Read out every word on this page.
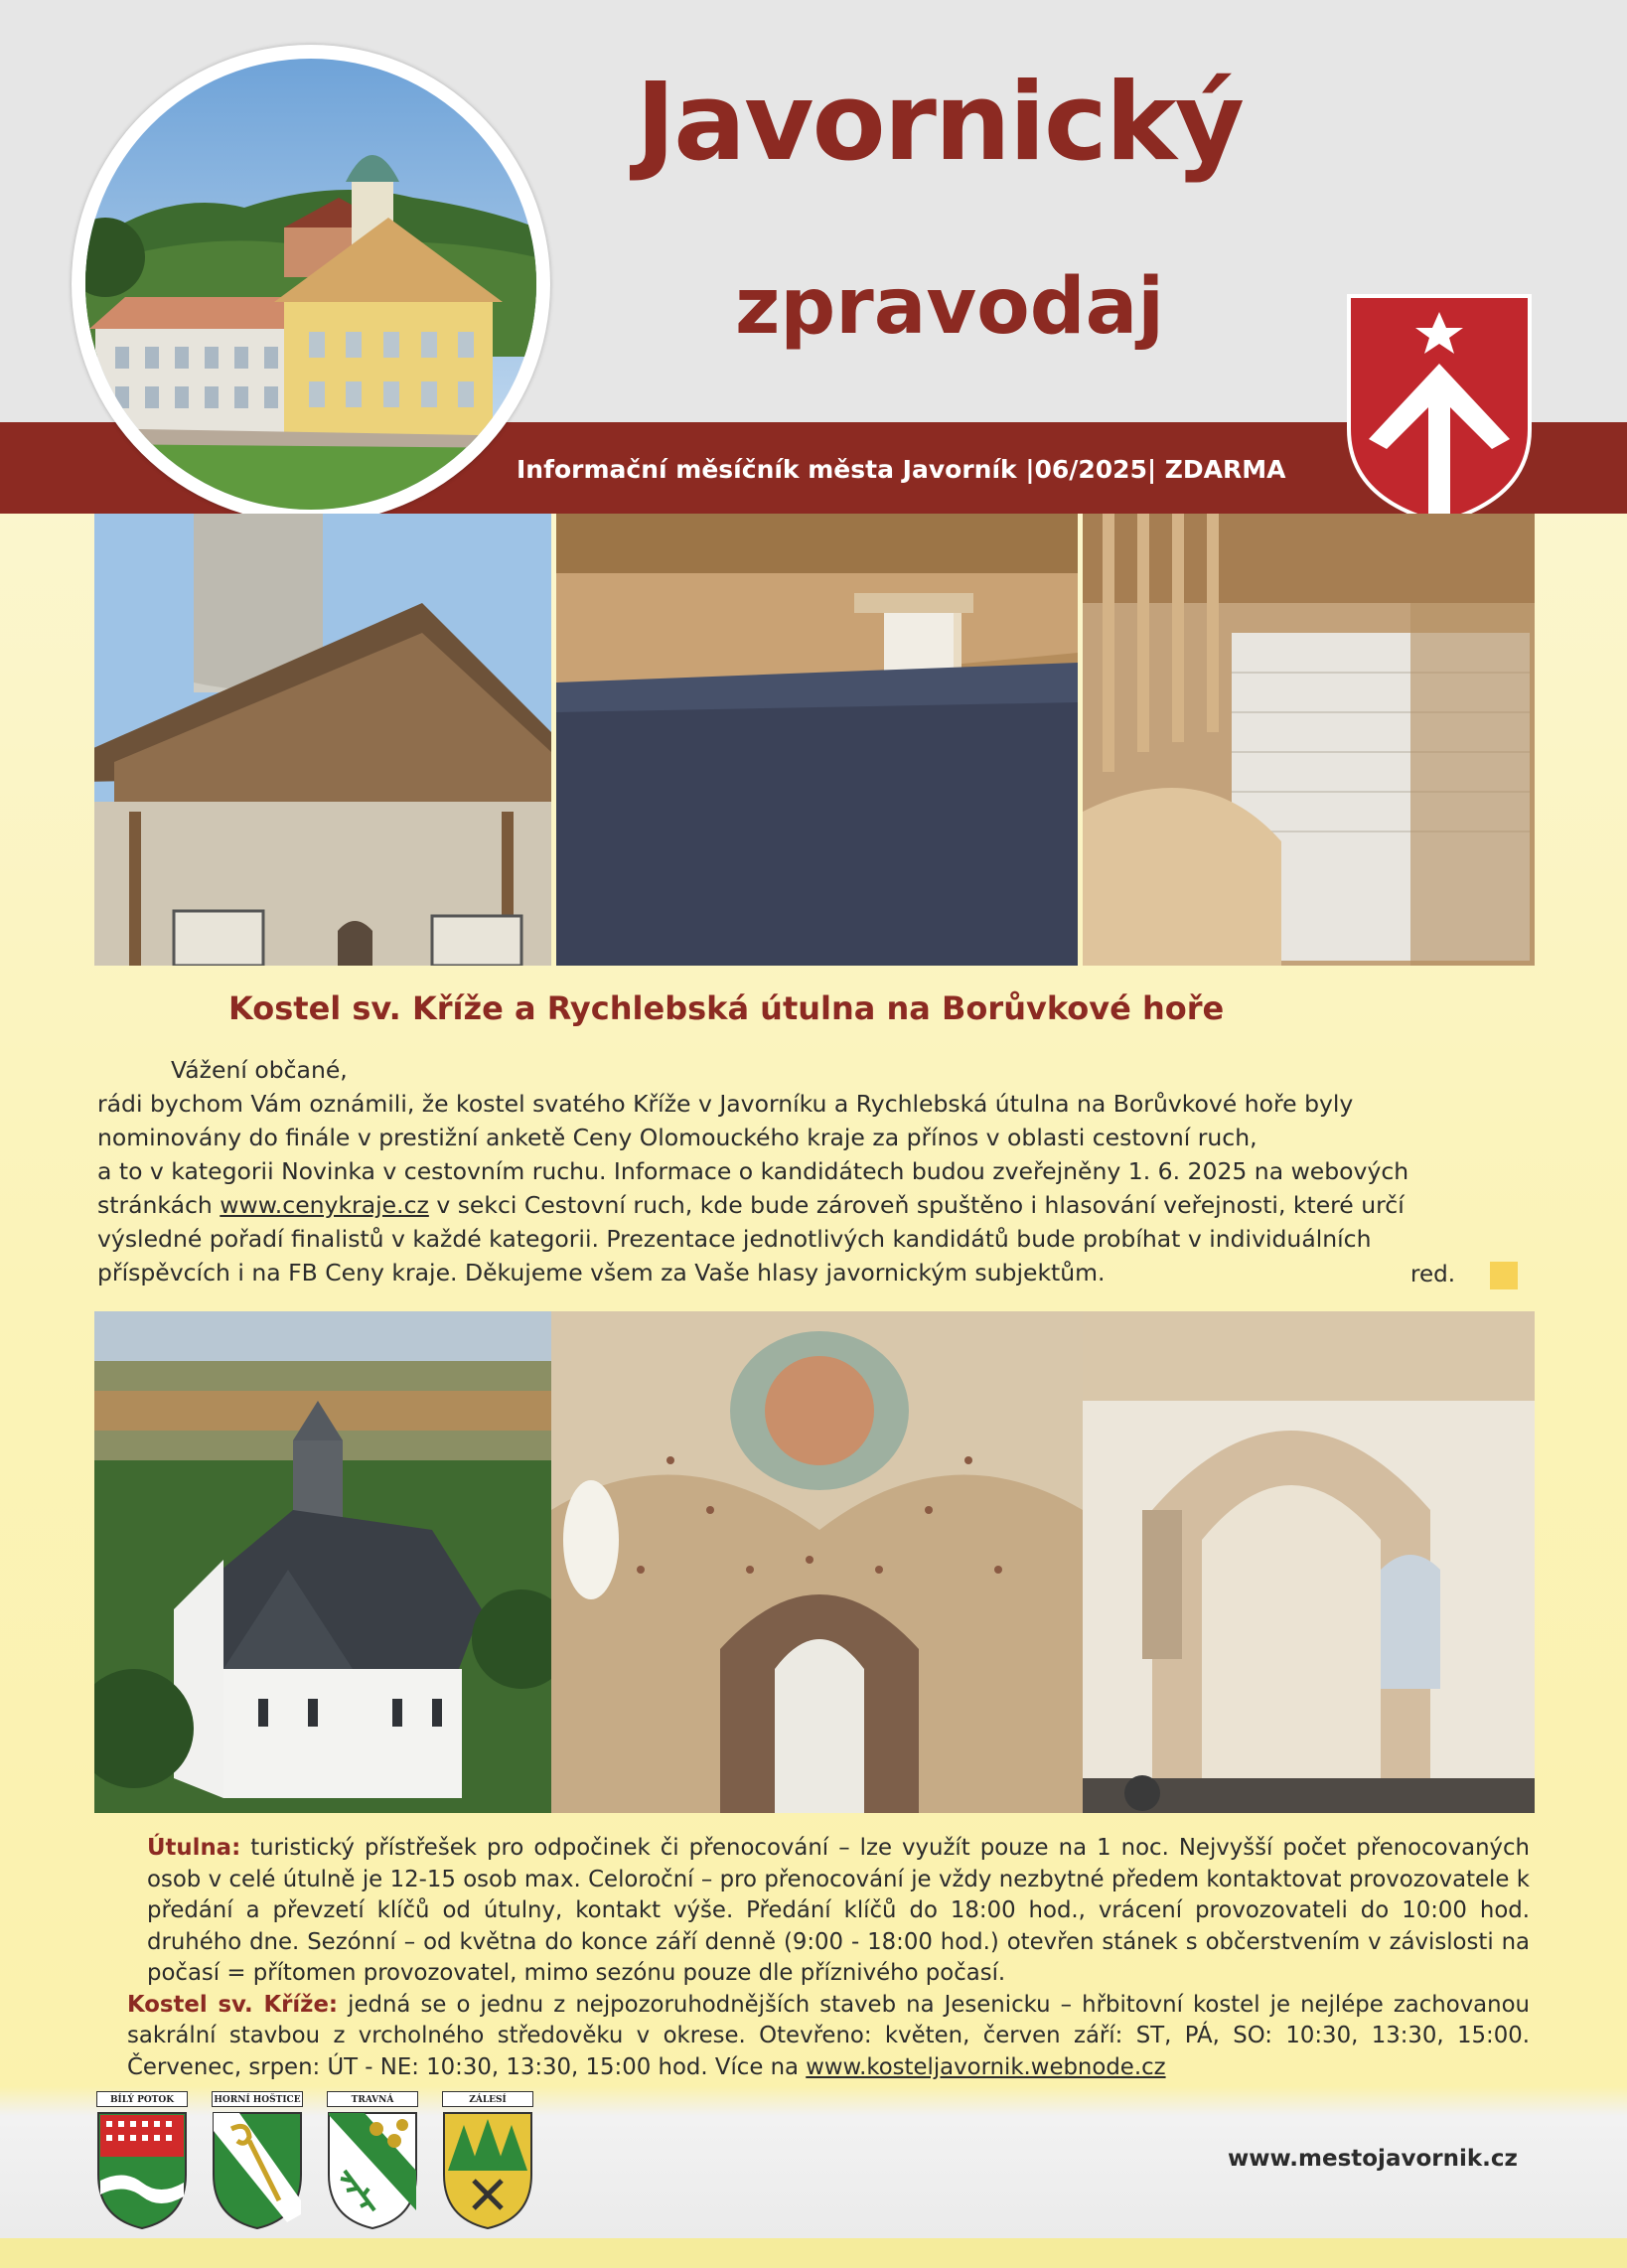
Javornický
zpravodaj
Informační měsíčník města Javorník |06/2025| ZDARMA
Kostel sv. Kříže a Rychlebská útulna na Borůvkové hoře

Vážení občané,

rádi bychom Vám oznámili, že kostel svatého Kříže v Javorníku a Rychlebská útulna na Borůvkové hoře byly

nominovány do finále v prestižní anketě Ceny Olomouckého kraje za přínos v oblasti cestovní ruch,

a to v kategorii Novinka v cestovním ruchu. Informace o kandidátech budou zveřejněny 1. 6. 2025 na webových

stránkách www.cenykraje.cz v sekci Cestovní ruch, kde bude zároveň spuštěno i hlasování veřejnosti, které určí

výsledné pořadí finalistů v každé kategorii. Prezentace jednotlivých kandidátů bude probíhat v individuálních

příspěvcích i na FB Ceny kraje. Děkujeme všem za Vaše hlasy javornickým subjektům.	red.

Útulna: turistický přístřešek pro odpočinek či přenocování – lze využít pouze na 1 noc. Nejvyšší počet přenocovaných osob v celé útulně je 12-15 osob max. Celoroční – pro přenocování je vždy nezbytné předem kontaktovat provozovatele k předání a převzetí klíčů od útulny, kontakt výše. Předání klíčů do 18:00 hod., vrácení provozovateli do 10:00 hod. druhého dne. Sezónní – od května do konce září denně (9:00 - 18:00 hod.) otevřen stánek s občerstvením v závislosti na počasí = přítomen provozovatel, mimo sezónu pouze dle příznivého počasí.

Kostel sv. Kříže: jedná se o jednu z nejpozoruhodnějších staveb na Jesenicku – hřbitovní kostel je nejlépe zachovanou sakrální stavbou z vrcholného středověku v okrese. Otevřeno: květen, červen září: ST, PÁ, SO: 10:30, 13:30, 15:00. Červenec, srpen: ÚT - NE: 10:30, 13:30, 15:00 hod. Více na www.kosteljavornik.webnode.cz

BÍLÝ POTOK	HORNÍ HOŠTICE	TRAVNÁ	ZÁLESÍ
www.mestojavornik.cz
